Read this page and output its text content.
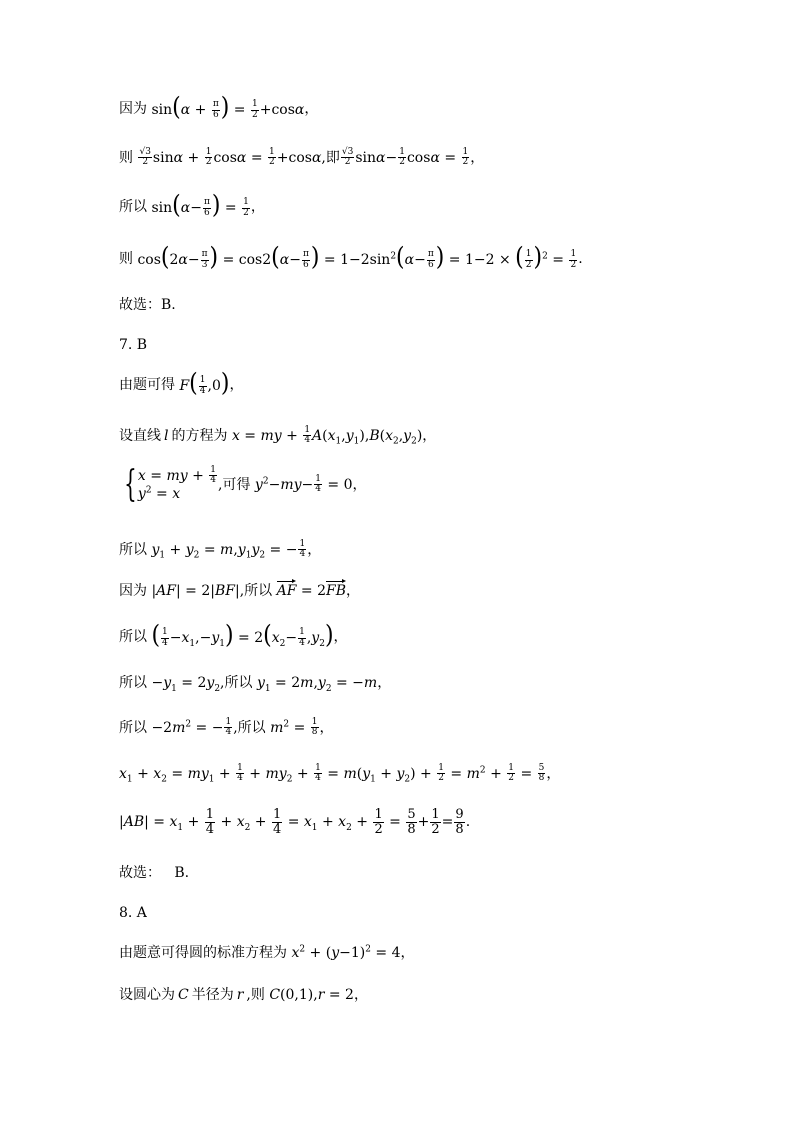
因为 $\sin(\alpha + \frac{\pi}{6}$ ) = $\frac{1}{2} +\cos\alpha$ ，
则
$\frac{√3}{2}$ $\sin\alpha + \frac{1}{2}$ $\cos\alpha = \frac{1}{2} +\cos\alpha$ ,即 $\frac{√3}{2} \sin\alpha- \frac{1}{2}$ $\cos\alpha = \frac{1}{2}$ ，
所以 $\sin(\alpha- \frac{\pi}{6}$ ) = $\frac{1}{2}$ ，
则 $\cos(2\alpha- \frac{\pi}{3}$ ) = $\cos 2(\alpha- \frac{\pi}{6}$ ) = $1-2\sin^2(\alpha- \frac{\pi}{6}$ ) = 1−2 × ( $\frac{1}{2} )^2 = \frac{1}{2}$ .
故选：B.
7. B
由题可得 $F( \frac{1}{4} ,0)$ ，
设直线 l 的方程为 x = my + $\frac{1}{4} A(x_1,y_1),B(x_2,y_2)$ ，
{ x = my + $\frac{1}{4}$
$y^2 = x$
,可得 $y^2-my- \frac{1}{4} = 0$ ，
所以 $y_1 + y_2 = m,y_1y_2$ = − $\frac{1}{4}$ ，
因为 |AF| = 2|BF| ,所以 AF = 2FB ，
所以 ( $\frac{1}{4} -x_1,-y_1) = 2(x_2- \frac{1}{4} ,y_2)$ ，
所以 $-y_1 = 2y_2$ ,所以 $y_1 = 2m,y_2 = -m$ ，
所以 $-2m^2$ = − $\frac{1}{4}$ ,所以 $m^2 = \frac{1}{8}$ ，
$x_1 + x_2 = my_1 + \frac{1}{4} + my_2 + \frac{1}{4} = m(y_1 + y_2) + \frac{1}{2} = m^2 + \frac{1}{2} = \frac{5}{8}$ ，
$|AB| = x_1 + \frac{1}{4} + x_2 + \frac{1}{4} = x_1 + x_2 + \frac{1}{2} = \frac{5}{8} + \frac{1}{2} = \frac{9}{8}$ .
故选：   B.
8. A
由题意可得圆的标准方程为 $x^2 + (y-1)^2 = 4$ ，
设圆心为 C 半径为 r ,则 C(0,1),r = 2 ，
